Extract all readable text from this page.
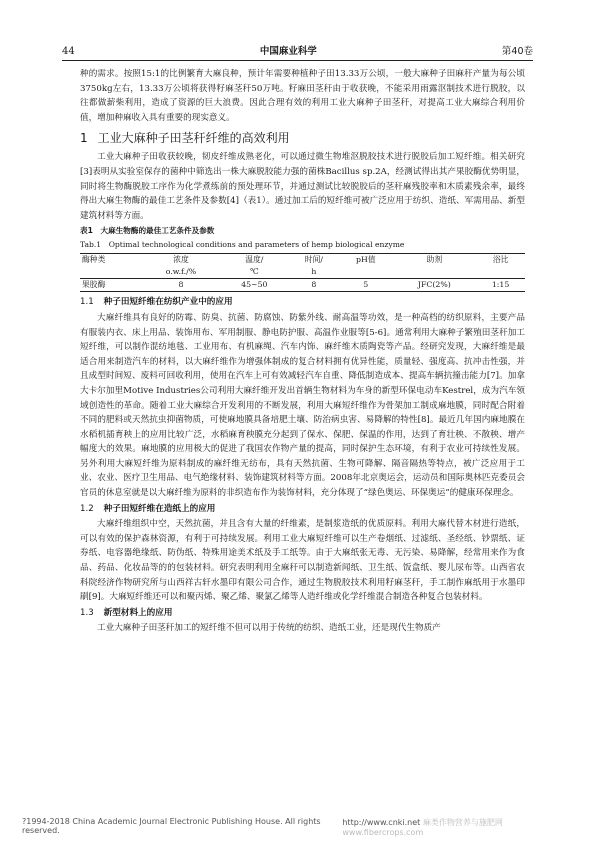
44	中国麻业科学	第40卷

种的需求。按照15:1的比例繁育大麻良种，预计年需要种植种子田13.33万公顷，一般大麻种子田麻秆产量为每公顷3750kg左右，13.33万公顷将获得籽麻茎秆50万吨。籽麻田茎秆由于收获晚，不能采用雨露沤制技术进行脱胶，以往都做薪柴利用，造成了资源的巨大浪费。因此合理有效的利用工业大麻种子田茎秆，对提高工业大麻综合利用价值，增加种麻收入具有重要的现实意义。

1 工业大麻种子田茎秆纤维的高效利用

工业大麻种子田收获较晚，韧皮纤维成熟老化，可以通过微生物堆沤脱胶技术进行脱胶后加工短纤维。相关研究[3]表明从实验室保存的菌种中筛选出一株大麻脱胶能力强的菌株Bacillus sp.2A，经测试得出其产果胶酶优势明显，同时将生物酶脱胶工序作为化学煮练前的预处理环节，并通过测试比较脱胶后的茎秆麻残胶率和木质素残余率，最终得出大麻生物酶的最佳工艺条件及参数[4]（表1）。通过加工后的短纤维可被广泛应用于纺织、造纸、军需用品、新型建筑材料等方面。

表1　大麻生物酶的最佳工艺条件及参数
Tab.1　Optimal technological conditions and parameters of hemp biological enzyme
酶种类	浓度	温度/	时间/	pH值	助剂	浴比
	o.w.f./%	℃	h			
果胶酶	8	45~50	8	5	JFC(2%)	1:15
1.1 种子田短纤维在纺织产业中的应用

大麻纤维具有良好的防霉、防臭、抗菌、防腐蚀、防紫外线、耐高温等功效，是一种高档的纺织原料，主要产品有服装内衣、床上用品、装饰用布、军用制服、静电防护服、高温作业服等[5-6]。通常利用大麻种子繁殖田茎秆加工短纤维，可以制作混纺地毯、工业用布、有机麻绳、汽车内饰、麻纤维木质陶瓷等产品。经研究发现，大麻纤维是最适合用来制造汽车的材料，以大麻纤维作为增强体制成的复合材料拥有优异性能，质量轻、强度高、抗冲击性强，并且成型时间短、废料可回收利用，使用在汽车上可有效减轻汽车自重、降低制造成本、提高车辆抗撞击能力[7]。加拿大卡尔加里Motive Industries公司利用大麻纤维开发出首辆生物材料为车身的新型环保电动车Kestrel，成为汽车领域创造性的革命。随着工业大麻综合开发利用的不断发展，利用大麻短纤维作为骨架加工制成麻地膜，同时配合附着不同的肥料或天然抗虫抑菌物质，可使麻地膜具备培肥土壤、防治病虫害、易降解的特性[8]。最近几年国内麻地膜在水稻机插育秧上的应用比较广泛，水稻麻育秧膜充分起到了保水、保肥、保温的作用，达到了育壮秧、不散秧、增产幅度大的效果。麻地膜的应用极大的促进了我国农作物产量的提高，同时保护生态环境，有利于农业可持续性发展。另外利用大麻短纤维为原料制成的麻纤维无纺布，具有天然抗菌、生物可降解、隔音隔热等特点，被广泛应用于工业、农业、医疗卫生用品、电气绝缘材料、装饰建筑材料等方面。2008年北京奥运会，运动员和国际奥林匹克委员会官员的休息室就是以大麻纤维为原料的非织造布作为装饰材料，充分体现了“绿色奥运、环保奥运”的健康环保理念。

1.2 种子田短纤维在造纸上的应用

大麻纤维组织中空，天然抗菌，并且含有大量的纤维素，是制浆造纸的优质原料。利用大麻代替木材进行造纸，可以有效的保护森林资源，有利于可持续发展。利用工业大麻短纤维可以生产卷烟纸、过滤纸、圣经纸、钞票纸、证券纸、电容器绝缘纸、防伪纸、特殊用途美术纸及手工纸等。由于大麻纸张无毒、无污染、易降解，经常用来作为食品、药品、化妆品等的的包装材料。研究表明利用全麻秆可以制造新闻纸、卫生纸、饭盒纸、婴儿尿布等。山西省农科院经济作物研究所与山西祥古轩水墨印有限公司合作，通过生物脱胶技术利用籽麻茎秆，手工制作麻纸用于水墨印刷[9]。大麻短纤维还可以和聚丙烯、聚乙烯、聚氯乙烯等人造纤维或化学纤维混合制造各种复合包装材料。

1.3 新型材料上的应用

工业大麻种子田茎秆加工的短纤维不但可以用于传统的纺织、造纸工业，还是现代生物质产

?1994-2018 China Academic Journal Electronic Publishing House. All rights reserved.
http://www.cnki.net 麻类作物营养与施肥网 www.fibercrops.com
